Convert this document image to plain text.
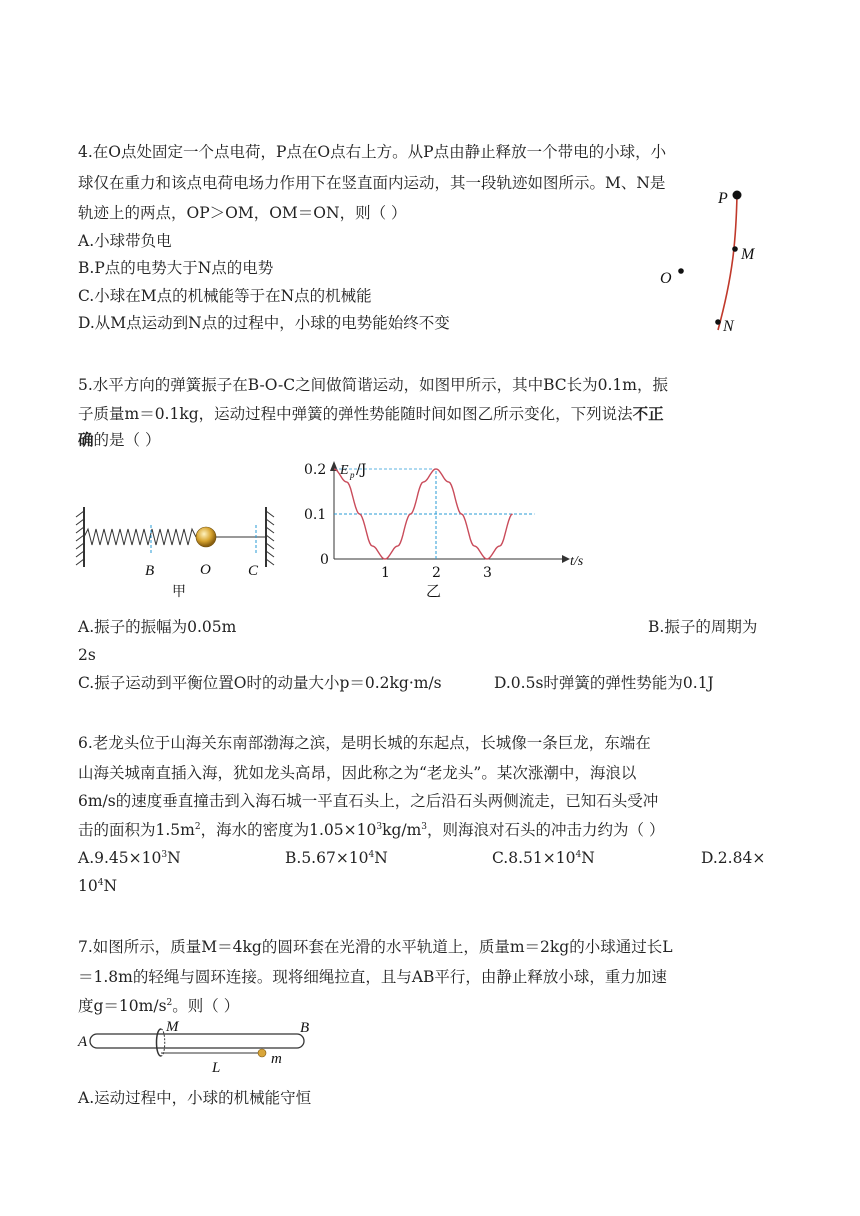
4.在O点处固定一个点电荷，P点在O点右上方。从P点由静止释放一个带电的小球，小
球仅在重力和该点电荷电场力作用下在竖直面内运动，其一段轨迹如图所示。M、N是
轨迹上的两点，OP＞OM，OM＝ON，则（ ）
A.小球带负电
B.P点的电势大于N点的电势
C.小球在M点的机械能等于在N点的机械能
D.从M点运动到N点的过程中，小球的电势能始终不变
P
M
O
N
5.水平方向的弹簧振子在B-O-C之间做简谐运动，如图甲所示，其中BC长为0.1m，振
子质量m＝0.1kg，运动过程中弹簧的弹性势能随时间如图乙所示变化，下列说法不正
确的是（ ）
B	O C
甲
1	2	3
0
0.1
0.2 E p /J
t/s
乙
A.振子的振幅为0.05m	B.振子的周期为
2s
C.振子运动到平衡位置O时的动量大小p＝0.2kg·m/s	D.0.5s时弹簧的弹性势能为0.1J
6.老龙头位于山海关东南部渤海之滨，是明长城的东起点，长城像一条巨龙，东端在
山海关城南直插入海，犹如龙头高昂，因此称之为“老龙头”。某次涨潮中，海浪以
6m/s的速度垂直撞击到入海石城一平直石头上，之后沿石头两侧流走，已知石头受冲
击的面积为$1.5m^2$，海水的密度为$1.05\times 10^3kg/m^3$，则海浪对石头的冲击力约为（ ）
$A.9.45\times 10^3N$	$B.5.67\times 10^4N$	$C.8.51\times 10^4N$	D.2.84×
$10^4N$
7.如图所示，质量M＝4kg的圆环套在光滑的水平轨道上，质量m＝2kg的小球通过长L
＝1.8m的轻绳与圆环连接。现将细绳拉直，且与AB平行，由静止释放小球，重力加速
度$g=10m/s^2$。则（ ）
A
M	B
L
m
A.运动过程中，小球的机械能守恒
